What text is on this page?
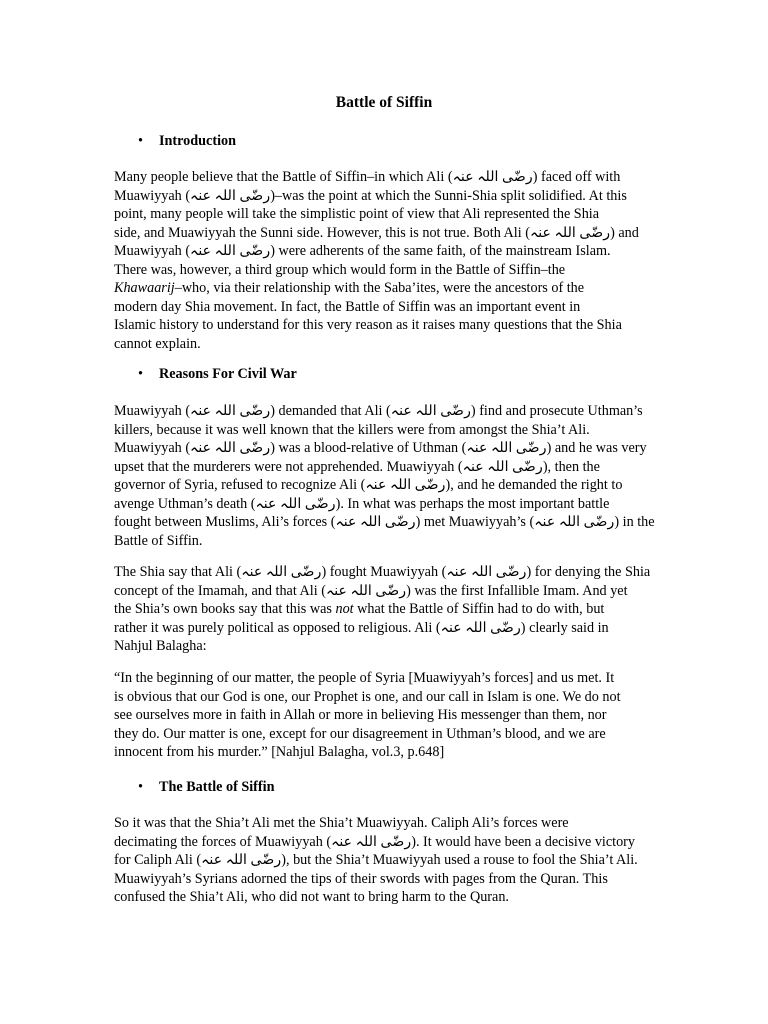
Battle of Siffin
• Introduction
Many people believe that the Battle of Siffin–in which Ali (رضّی اللہ عنہ) faced off with
Muawiyyah (رضّی اللہ عنہ)–was the point at which the Sunni-Shia split solidified. At this
point, many people will take the simplistic point of view that Ali represented the Shia
side, and Muawiyyah the Sunni side. However, this is not true. Both Ali (رضّی اللہ عنہ) and
Muawiyyah (رضّی اللہ عنہ) were adherents of the same faith, of the mainstream Islam.
There was, however, a third group which would form in the Battle of Siffin–the
Khawaarij–who, via their relationship with the Saba’ites, were the ancestors of the
modern day Shia movement. In fact, the Battle of Siffin was an important event in
Islamic history to understand for this very reason as it raises many questions that the Shia
cannot explain.
• Reasons For Civil War
Muawiyyah (رضّی اللہ عنہ) demanded that Ali (رضّی اللہ عنہ) find and prosecute Uthman’s
killers, because it was well known that the killers were from amongst the Shia’t Ali.
Muawiyyah (رضّی اللہ عنہ) was a blood-relative of Uthman (رضّی اللہ عنہ) and he was very
upset that the murderers were not apprehended. Muawiyyah (رضّی اللہ عنہ), then the
governor of Syria, refused to recognize Ali (رضّی اللہ عنہ), and he demanded the right to
avenge Uthman’s death (رضّی اللہ عنہ). In what was perhaps the most important battle
fought between Muslims, Ali’s forces (رضّی اللہ عنہ) met Muawiyyah’s (رضّی اللہ عنہ) in the
Battle of Siffin.
The Shia say that Ali (رضّی اللہ عنہ) fought Muawiyyah (رضّی اللہ عنہ) for denying the Shia
concept of the Imamah, and that Ali (رضّی اللہ عنہ) was the first Infallible Imam. And yet
the Shia’s own books say that this was not what the Battle of Siffin had to do with, but
rather it was purely political as opposed to religious. Ali (رضّی اللہ عنہ) clearly said in
Nahjul Balagha:
“In the beginning of our matter, the people of Syria [Muawiyyah’s forces] and us met. It
is obvious that our God is one, our Prophet is one, and our call in Islam is one. We do not
see ourselves more in faith in Allah or more in believing His messenger than them, nor
they do. Our matter is one, except for our disagreement in Uthman’s blood, and we are
innocent from his murder.” [Nahjul Balagha, vol.3, p.648]
• The Battle of Siffin
So it was that the Shia’t Ali met the Shia’t Muawiyyah. Caliph Ali’s forces were
decimating the forces of Muawiyyah (رضّی اللہ عنہ). It would have been a decisive victory
for Caliph Ali (رضّی اللہ عنہ), but the Shia’t Muawiyyah used a rouse to fool the Shia’t Ali.
Muawiyyah’s Syrians adorned the tips of their swords with pages from the Quran. This
confused the Shia’t Ali, who did not want to bring harm to the Quran.
